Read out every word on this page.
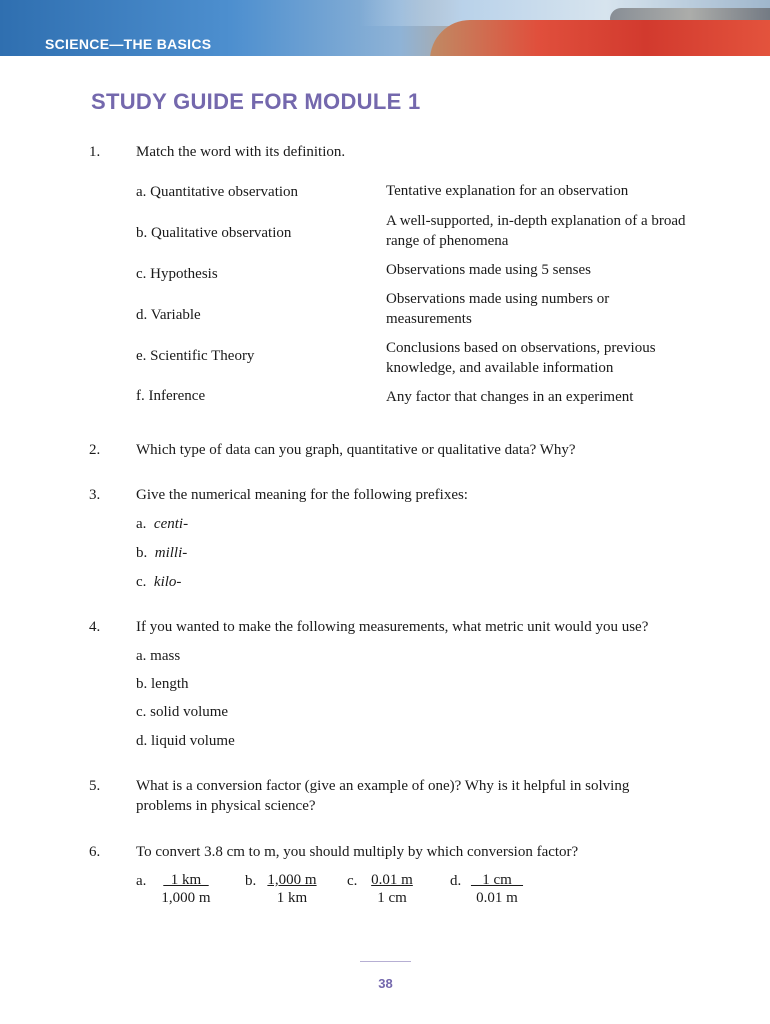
SCIENCE—THE BASICS
STUDY GUIDE FOR MODULE 1
1. Match the word with its definition.
a. Quantitative observation
b. Qualitative observation
c. Hypothesis
d. Variable
e. Scientific Theory
f. Inference
Tentative explanation for an observation
A well-supported, in-depth explanation of a broad range of phenomena
Observations made using 5 senses
Observations made using numbers or measurements
Conclusions based on observations, previous knowledge, and available information
Any factor that changes in an experiment
2. Which type of data can you graph, quantitative or qualitative data? Why?
3. Give the numerical meaning for the following prefixes:
a. centi-
b. milli-
c. kilo-
4. If you wanted to make the following measurements, what metric unit would you use?
a. mass
b. length
c. solid volume
d. liquid volume
5. What is a conversion factor (give an example of one)? Why is it helpful in solving problems in physical science?
6. To convert 3.8 cm to m, you should multiply by which conversion factor?
a. $\frac{1 km}{1,000 m} b$. $\frac{1,000 m}{1 km} c$. $\frac{0.01 m}{1 cm} d$. $\frac{1 cm}{0.01 m}$
38
